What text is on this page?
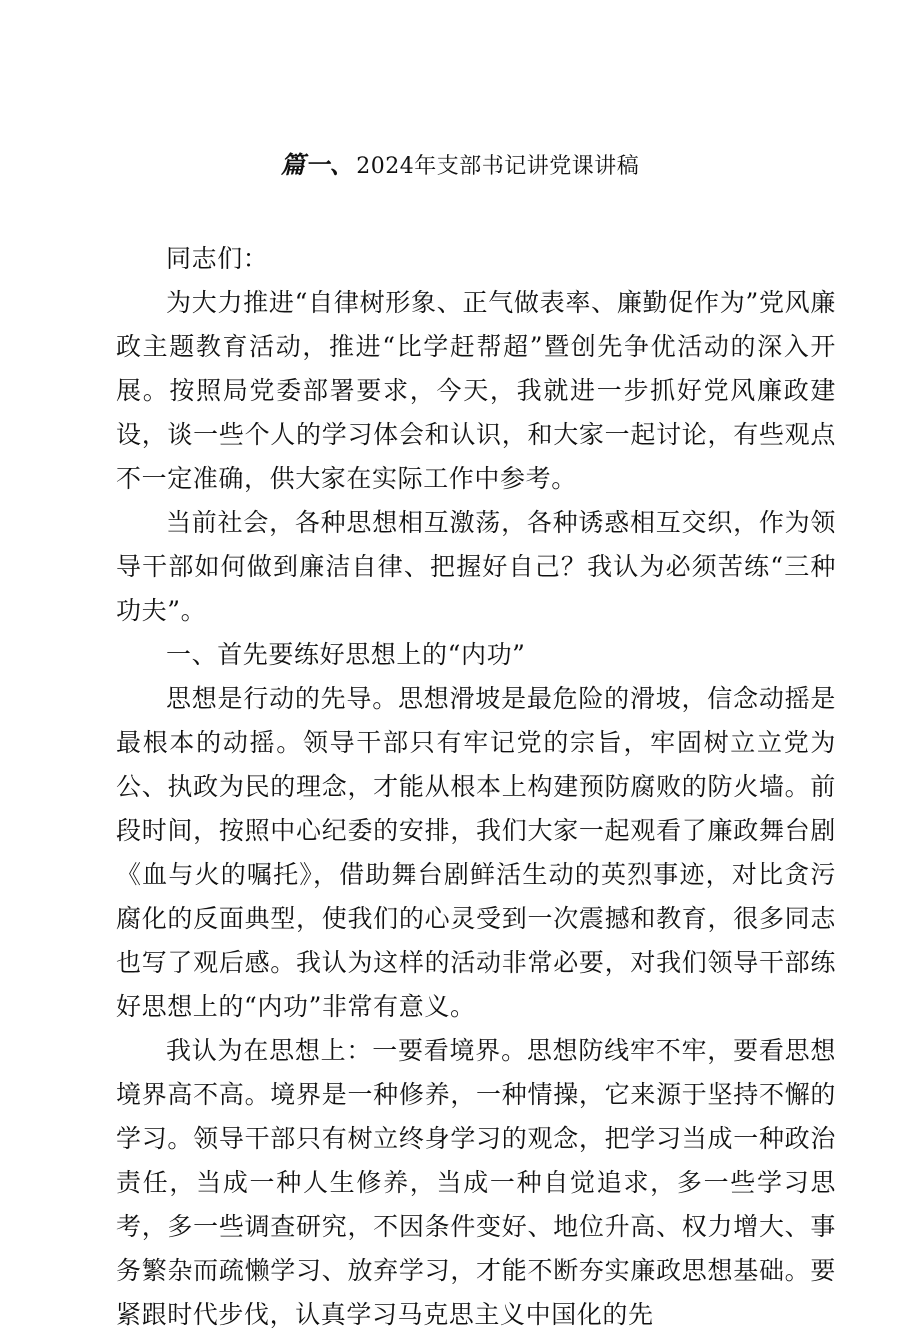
篇一、2024年支部书记讲党课讲稿

同志们：

为大力推进“自律树形象、正气做表率、廉勤促作为”党风廉政主题教育活动，推进“比学赶帮超”暨创先争优活动的深入开展。按照局党委部署要求，今天，我就进一步抓好党风廉政建设，谈一些个人的学习体会和认识，和大家一起讨论，有些观点不一定准确，供大家在实际工作中参考。

当前社会，各种思想相互激荡，各种诱惑相互交织，作为领导干部如何做到廉洁自律、把握好自己？我认为必须苦练“三种功夫”。

一、首先要练好思想上的“内功”

思想是行动的先导。思想滑坡是最危险的滑坡，信念动摇是最根本的动摇。领导干部只有牢记党的宗旨，牢固树立立党为公、执政为民的理念，才能从根本上构建预防腐败的防火墙。前段时间，按照中心纪委的安排，我们大家一起观看了廉政舞台剧《血与火的嘱托》，借助舞台剧鲜活生动的英烈事迹，对比贪污腐化的反面典型，使我们的心灵受到一次震撼和教育，很多同志也写了观后感。我认为这样的活动非常必要，对我们领导干部练好思想上的“内功”非常有意义。

我认为在思想上：一要看境界。思想防线牢不牢，要看思想境界高不高。境界是一种修养，一种情操，它来源于坚持不懈的学习。领导干部只有树立终身学习的观念，把学习当成一种政治责任，当成一种人生修养，当成一种自觉追求，多一些学习思考，多一些调查研究，不因条件变好、地位升高、权力增大、事务繁杂而疏懒学习、放弃学习，才能不断夯实廉政思想基础。要紧跟时代步伐，认真学习马克思主义中国化的先
